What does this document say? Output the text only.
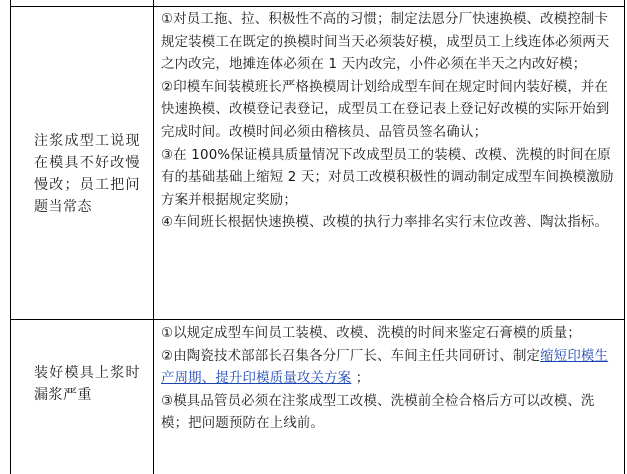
注浆成型工说现在模具不好改慢慢改；员工把问题当常态

①对员工拖、拉、积极性不高的习惯；制定法恩分厂快速换模、改模控制卡规定装模工在既定的换模时间当天必须装好模，成型员工上线连体必须两天之内改完，地摊连体必须在 1 天内改完，小件必须在半天之内改好模；

②印模车间装模班长严格换模周计划给成型车间在规定时间内装好模，并在快速换模、改模登记表登记，成型员工在登记表上登记好改模的实际开始到完成时间。改模时间必须由稽核员、品管员签名确认；

③在 100%保证模具质量情况下改成型员工的装模、改模、洗模的时间在原有的基础基础上缩短 2 天；对员工改模积极性的调动制定成型车间换模激励方案并根据规定奖励；

④车间班长根据快速换模、改模的执行力率排名实行末位改善、陶汰指标。

装好模具上浆时漏浆严重

①以规定成型车间员工装模、改模、洗模的时间来鉴定石膏模的质量；

②由陶瓷技术部部长召集各分厂厂长、车间主任共同研讨、制定缩短印模生产周期、提升印模质量攻关方案 ；

③模具品管员必须在注浆成型工改模、洗模前全检合格后方可以改模、洗模；把问题预防在上线前。
